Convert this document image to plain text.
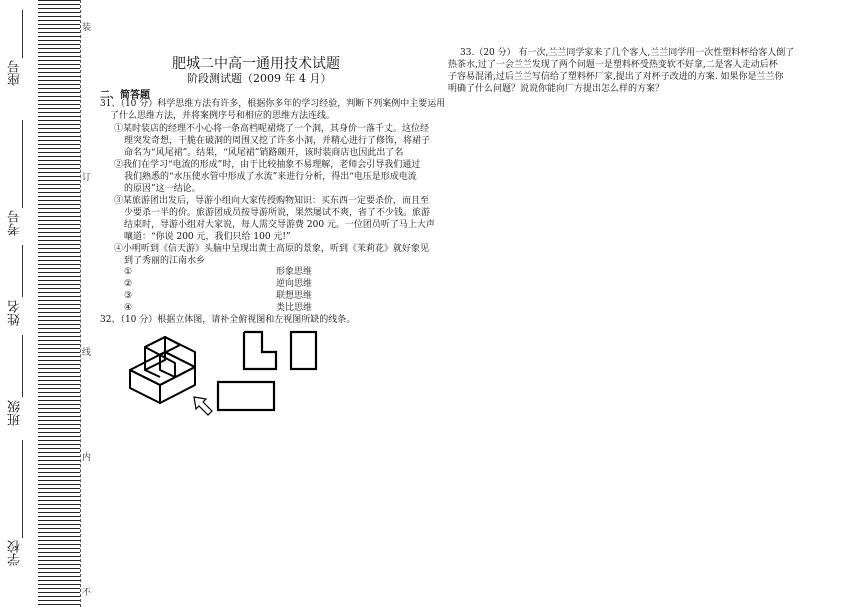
座号
考号
姓名
班级
学校
装
订
线
内
不
肥城二中高一通用技术试题
阶段测试题（2009 年 4 月）
二、简答题
31、（10 分）科学思维方法有许多，根据你多年的学习经验，判断下列案例中主要运用
了什么思维方法，并将案例序号和相应的思维方法连线。
①某时装店的经理不小心将一条高档呢裙烧了一个洞，其身价一落千丈。这位经
理突发奇想，干脆在破洞的周围又挖了许多小洞，并精心进行了修饰，将裙子
命名为“风尾裙”。结果，“风尾裙”销路颇开，该时装商店也因此出了名
②我们在学习“电流的形成”时，由于比较抽象不易理解，老师会引导我们通过
我们熟悉的“水压使水管中形成了水流”来进行分析，得出“电压是形成电流
的原因”这一结论。
③某旅游团出发后，导游小组向大家传授购物知识：买东西一定要杀价，而且至
少要杀一半的价。旅游团成员按导游所说，果然屡试不爽，省了不少钱。旅游
结束时，导游小组对大家说，每人需交导游费 200 元。一位团员听了马上大声
嚷道：“你说 200 元，我们只给 100 元!”
④小明听到《信天游》头脑中呈现出黄土高原的景象，听到《茉莉花》就好象见
到了秀丽的江南水乡
①	形象思维
②	逆向思维
③	联想思维
④	类比思维
32、（10 分）根据立体图，请补全俯视图和左视图所缺的线条。
33.（20 分） 有一次,兰兰同学家来了几个客人,兰兰同学用一次性塑料杯给客人倒了
热茶水,过了一会兰兰发现了两个问题一是塑料杯受热变软不好拿,二是客人走动后杯
子容易混淆,过后兰兰写信给了塑料杯厂家,提出了对杯子改进的方案. 如果你是兰兰你
明确了什么问题？说说你能向厂方提出怎么样的方案？
